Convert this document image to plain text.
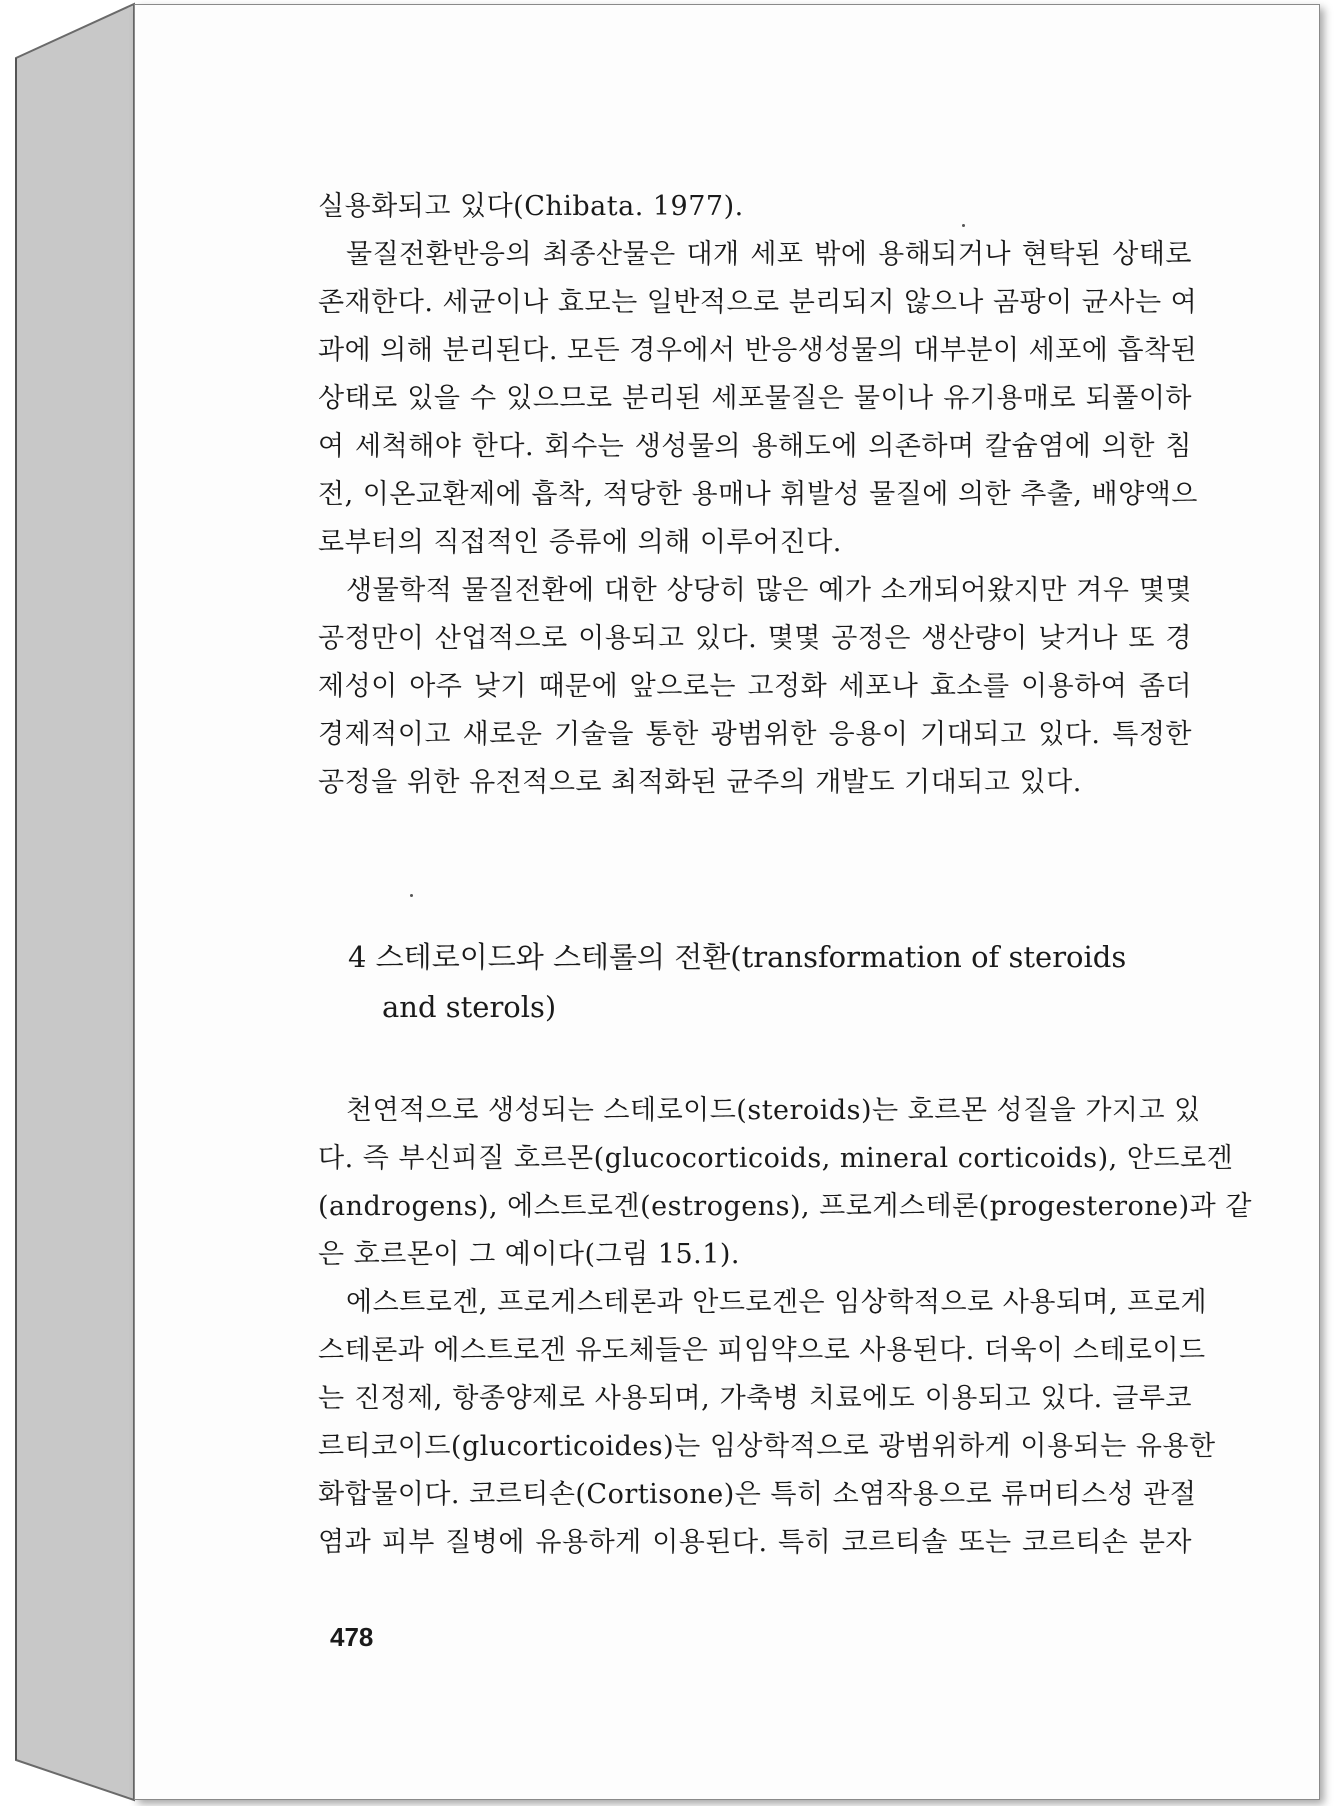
실용화되고 있다(Chibata. 1977).
물질전환반응의 최종산물은 대개 세포 밖에 용해되거나 현탁된 상태로
존재한다. 세균이나 효모는 일반적으로 분리되지 않으나 곰팡이 균사는 여
과에 의해 분리된다. 모든 경우에서 반응생성물의 대부분이 세포에 흡착된
상태로 있을 수 있으므로 분리된 세포물질은 물이나 유기용매로 되풀이하
여 세척해야 한다. 회수는 생성물의 용해도에 의존하며 칼슘염에 의한 침
전, 이온교환제에 흡착, 적당한 용매나 휘발성 물질에 의한 추출, 배양액으
로부터의 직접적인 증류에 의해 이루어진다.
생물학적 물질전환에 대한 상당히 많은 예가 소개되어왔지만 겨우 몇몇
공정만이 산업적으로 이용되고 있다. 몇몇 공정은 생산량이 낮거나 또 경
제성이 아주 낮기 때문에 앞으로는 고정화 세포나 효소를 이용하여 좀더
경제적이고 새로운 기술을 통한 광범위한 응용이 기대되고 있다. 특정한
공정을 위한 유전적으로 최적화된 균주의 개발도 기대되고 있다.
4 스테로이드와 스테롤의 전환(transformation of steroids
and sterols)
천연적으로 생성되는 스테로이드(steroids)는 호르몬 성질을 가지고 있
다. 즉 부신피질 호르몬(glucocorticoids, mineral corticoids), 안드로겐
(androgens), 에스트로겐(estrogens), 프로게스테론(progesterone)과 같
은 호르몬이 그 예이다(그림 15.1).
에스트로겐, 프로게스테론과 안드로겐은 임상학적으로 사용되며, 프로게
스테론과 에스트로겐 유도체들은 피임약으로 사용된다. 더욱이 스테로이드
는 진정제, 항종양제로 사용되며, 가축병 치료에도 이용되고 있다. 글루코
르티코이드(glucorticoides)는 임상학적으로 광범위하게 이용되는 유용한
화합물이다. 코르티손(Cortisone)은 특히 소염작용으로 류머티스성 관절
염과 피부 질병에 유용하게 이용된다. 특히 코르티솔 또는 코르티손 분자
478
